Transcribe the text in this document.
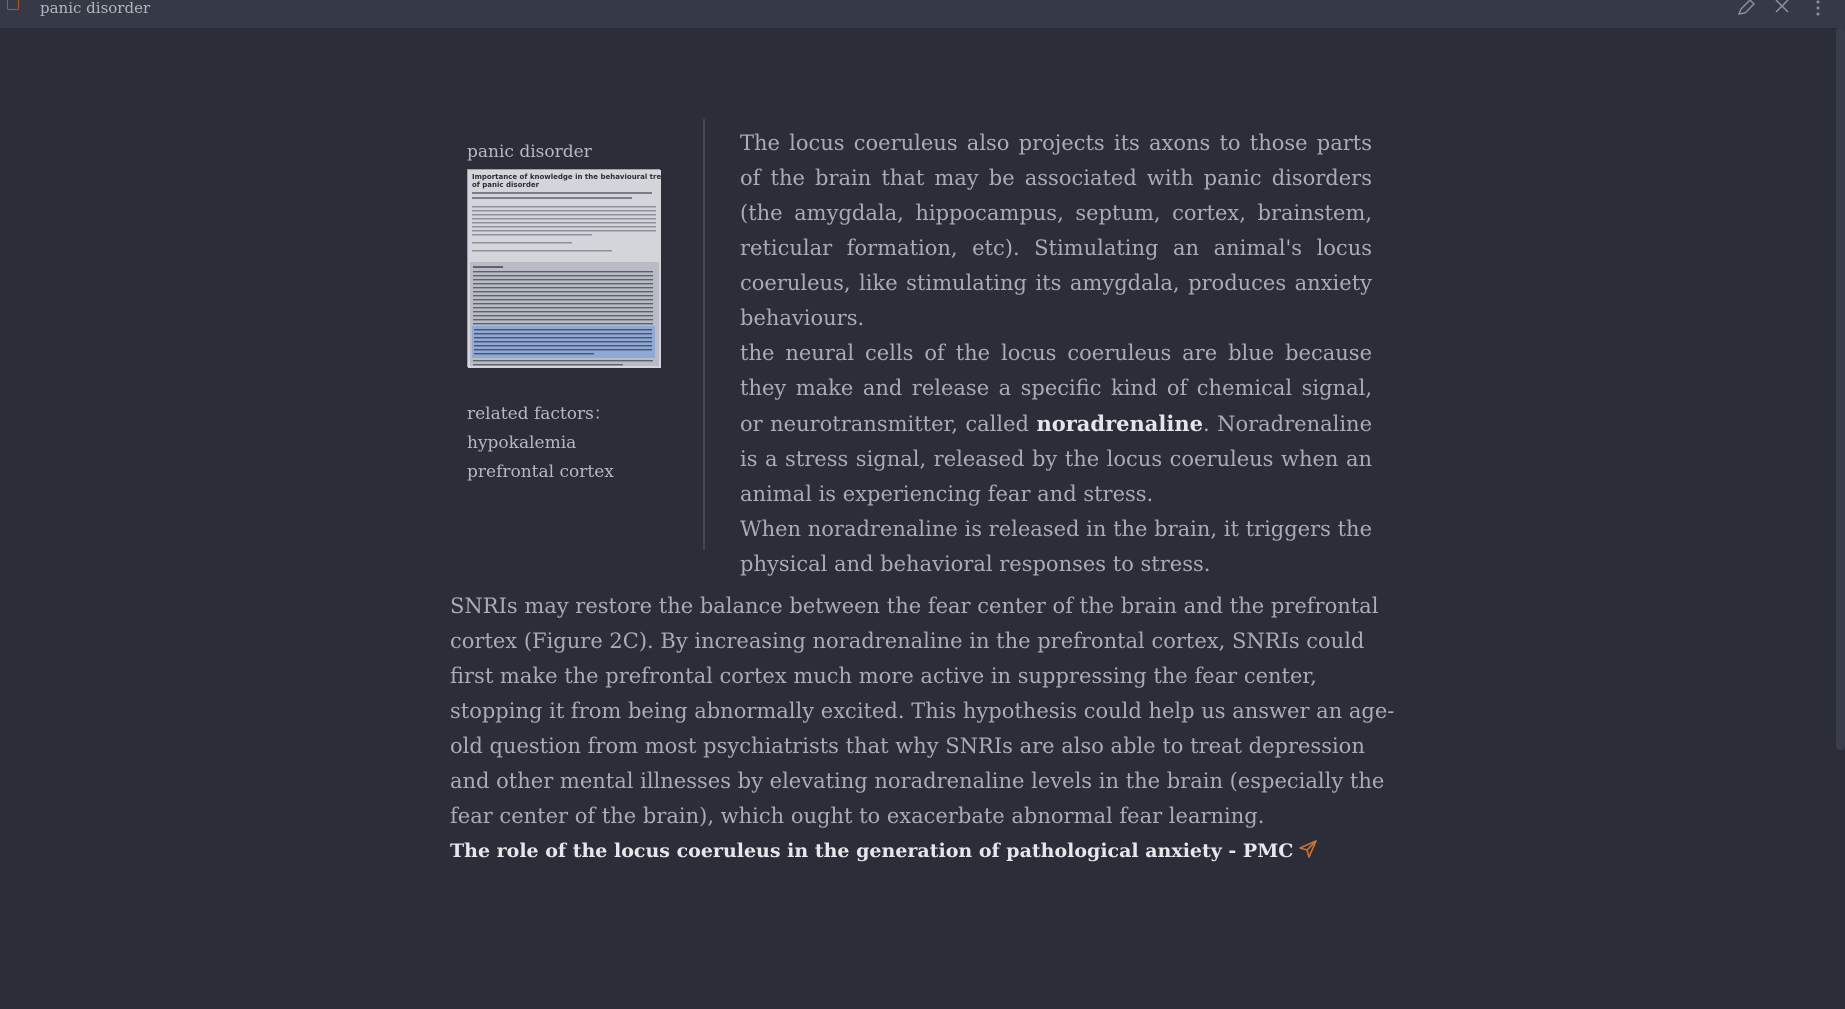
panic disorder
panic disorder
Importance of knowledge in the behavioural treatment
of panic disorder
related factors：
hypokalemia
prefrontal cortex

The locus coeruleus also projects its axons to those parts of the brain that may be associated with panic disorders (the amygdala, hippocampus, septum, cortex, brainstem, reticular formation, etc). Stimulating an animal's locus coeruleus, like stimulating its amygdala, produces anxiety behaviours.

the neural cells of the locus coeruleus are blue because they make and release a specific kind of chemical signal, or neurotransmitter, called noradrenaline. Noradrenaline is a stress signal, released by the locus coeruleus when an animal is experiencing fear and stress.

When noradrenaline is released in the brain, it triggers the physical and behavioral responses to stress.

SNRIs may restore the balance between the fear center of the brain and the prefrontal cortex (Figure 2C). By increasing noradrenaline in the prefrontal cortex, SNRIs could first make the prefrontal cortex much more active in suppressing the fear center, stopping it from being abnormally excited. This hypothesis could help us answer an age-old question from most psychiatrists that why SNRIs are also able to treat depression and other mental illnesses by elevating noradrenaline levels in the brain (especially the fear center of the brain), which ought to exacerbate abnormal fear learning.

The role of the locus coeruleus in the generation of pathological anxiety - PMC
